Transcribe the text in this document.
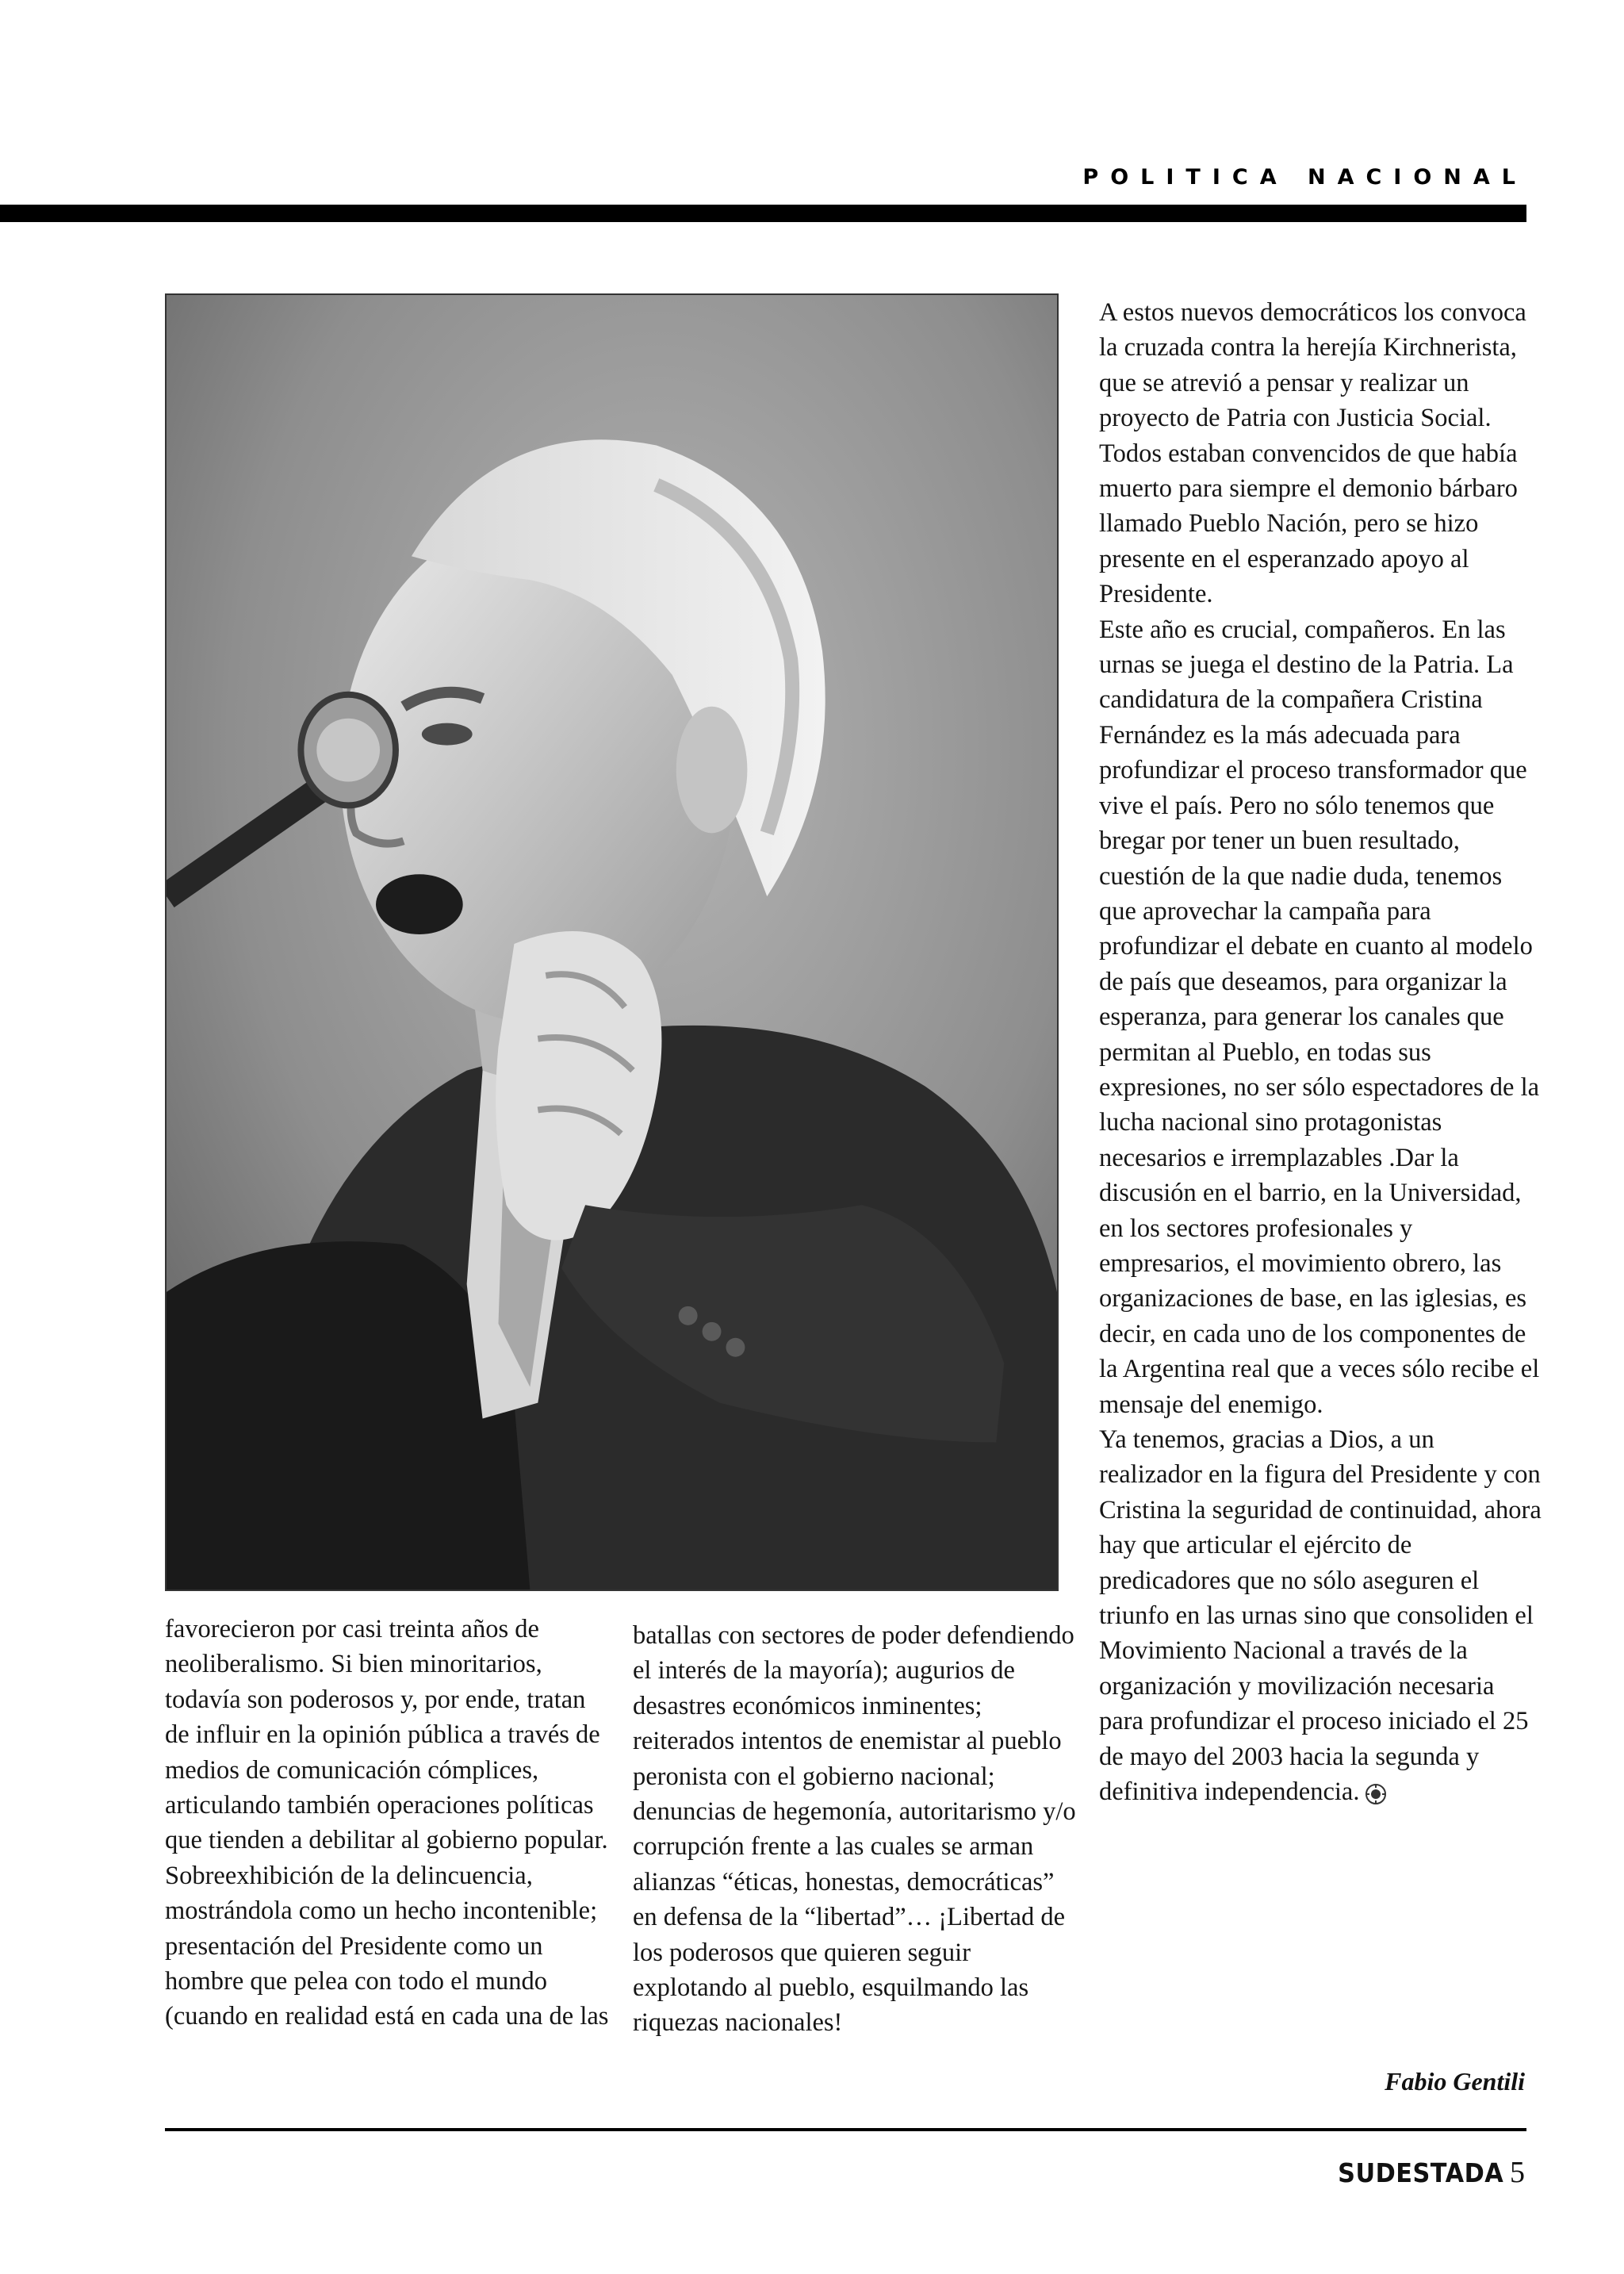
POLITICA NACIONAL

favorecieron por casi treinta años de neoliberalismo. Si bien minoritarios, todavía son poderosos y, por ende, tratan de influir en la opinión pública a través de medios de comunicación cómplices, articulando también operaciones políticas que tienden a debilitar al gobierno popular. Sobreexhibición de la delincuencia, mostrándola como un hecho incontenible; presentación del Presidente como un hombre que pelea con todo el mundo (cuando en realidad está en cada una de las

batallas con sectores de poder defendiendo el interés de la mayoría); augurios de desastres económicos inminentes; reiterados intentos de enemistar al pueblo peronista con el gobierno nacional; denuncias de hegemonía, autoritarismo y/o corrupción frente a las cuales se arman alianzas “éticas, honestas, democráticas” en defensa de la “libertad”… ¡Libertad de los poderosos que quieren seguir explotando al pueblo, esquilmando las riquezas nacionales!

A estos nuevos democráticos los convoca la cruzada contra la herejía Kirchnerista, que se atrevió a pensar y realizar un proyecto de Patria con Justicia Social. Todos estaban convencidos de que había muerto para siempre el demonio bárbaro llamado Pueblo Nación, pero se hizo presente en el esperanzado apoyo al Presidente.

Este año es crucial, compañeros. En las urnas se juega el destino de la Patria. La candidatura de la compañera Cristina Fernández es la más adecuada para profundizar el proceso transformador que vive el país. Pero no sólo tenemos que bregar por tener un buen resultado, cuestión de la que nadie duda, tenemos que aprovechar la campaña para profundizar el debate en cuanto al modelo de país que deseamos, para organizar la esperanza, para generar los canales que permitan al Pueblo, en todas sus expresiones, no ser sólo espectadores de la lucha nacional sino protagonistas necesarios e irremplazables .Dar la discusión en el barrio, en la Universidad, en los sectores profesionales y empresarios, el movimiento obrero, las organizaciones de base, en las iglesias, es decir, en cada uno de los componentes de la Argentina real que a veces sólo recibe el mensaje del enemigo.

Ya tenemos, gracias a Dios, a un realizador en la figura del Presidente y con Cristina la seguridad de continuidad, ahora hay que articular el ejército de predicadores que no sólo aseguren el triunfo en las urnas sino que consoliden el Movimiento Nacional a través de la organización y movilización necesaria para profundizar el proceso iniciado el 25 de mayo del 2003 hacia la segunda y definitiva independencia.

Fabio Gentili
SUDESTADA 5
